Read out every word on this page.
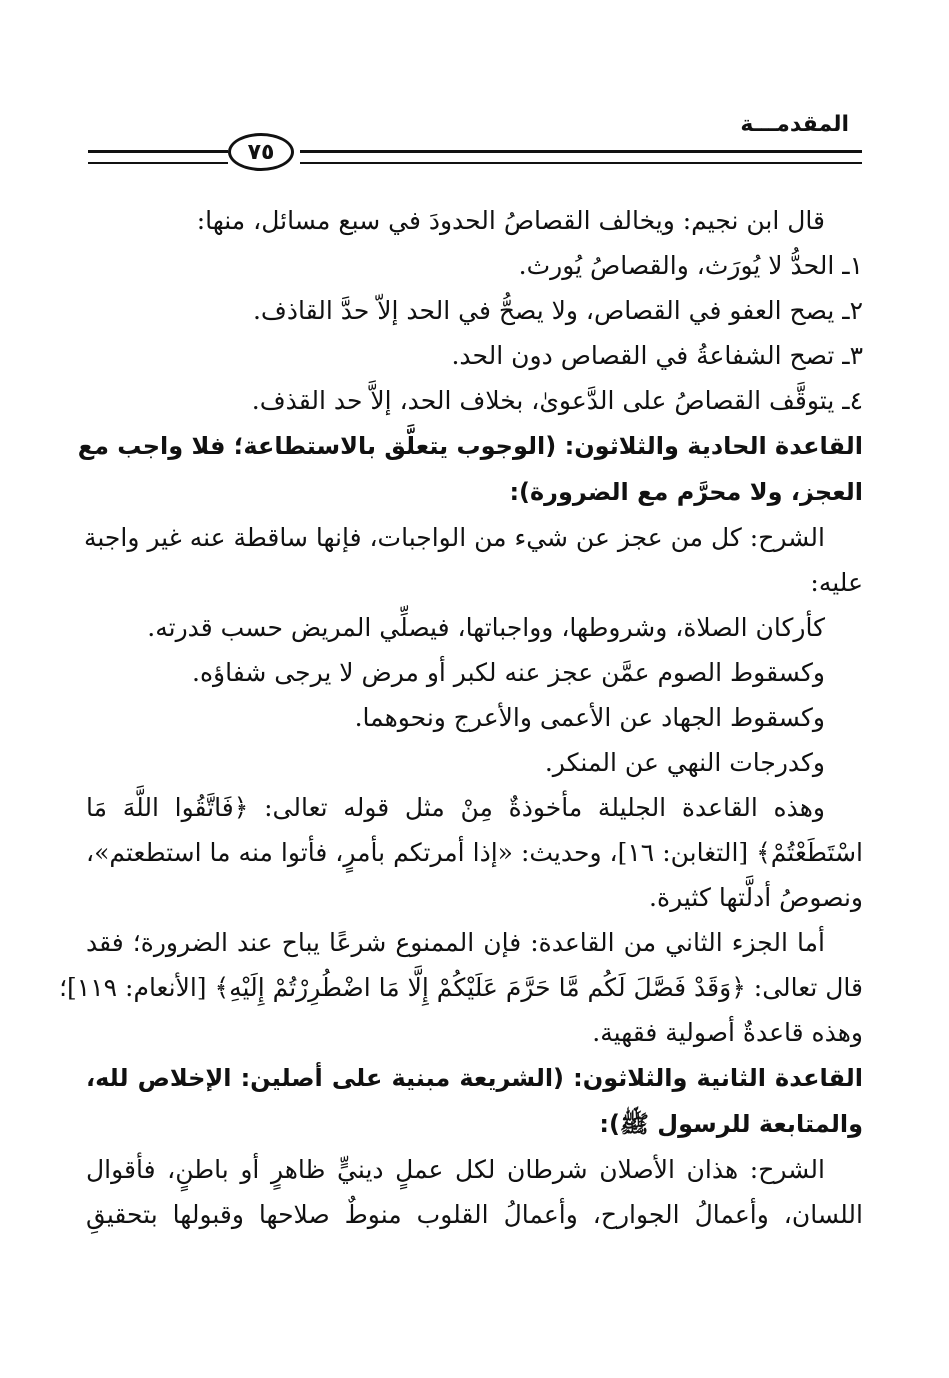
المقدمـــة
٧٥
قال ابن نجيم: ويخالف القصاصُ الحدودَ في سبع مسائل، منها:
١ـ الحدُّ لا يُورَث، والقصاصُ يُورث.
٢ـ يصح العفو في القصاص، ولا يصحُّ في الحد إلاّ حدَّ القاذف.
٣ـ تصح الشفاعةُ في القصاص دون الحد.
٤ـ يتوقَّف القصاصُ على الدَّعوىٰ، بخلاف الحد، إلاَّ حد القذف.
القاعدة الحادية والثلاثون: (الوجوب يتعلَّق بالاستطاعة؛ فلا واجب مع
العجز، ولا محرَّم مع الضرورة):
الشرح: كل من عجز عن شيء من الواجبات، فإنها ساقطة عنه غير واجبة
عليه:
كأركان الصلاة، وشروطها، وواجباتها، فيصلِّي المريض حسب قدرته.
وكسقوط الصوم عمَّن عجز عنه لكبر أو مرض لا يرجى شفاؤه.
وكسقوط الجهاد عن الأعمى والأعرج ونحوهما.
وكدرجات النهي عن المنكر.
وهذه القاعدة الجليلة مأخوذةٌ مِنْ مثل قوله تعالى: ﴿فَاتَّقُوا اللَّهَ مَا
اسْتَطَعْتُمْ﴾ [التغابن: ١٦]، وحديث: «إذا أمرتكم بأمرٍ، فأتوا منه ما استطعتم»،
ونصوصُ أدلَّتها كثيرة.
أما الجزء الثاني من القاعدة: فإن الممنوع شرعًا يباح عند الضرورة؛ فقد
قال تعالى: ﴿وَقَدْ فَصَّلَ لَكُم مَّا حَرَّمَ عَلَيْكُمْ إِلَّا مَا اضْطُرِرْتُمْ إِلَيْهِ﴾ [الأنعام: ١١٩]؛
وهذه قاعدةٌ أصولية فقهية.
القاعدة الثانية والثلاثون: (الشريعة مبنية على أصلين: الإخلاص لله،
والمتابعة للرسول ﷺ):
الشرح: هذان الأصلان شرطان لكل عملٍ دينيٍّ ظاهرٍ أو باطنٍ، فأقوال
اللسان، وأعمالُ الجوارح، وأعمالُ القلوب منوطٌ صلاحها وقبولها بتحقيقِ
